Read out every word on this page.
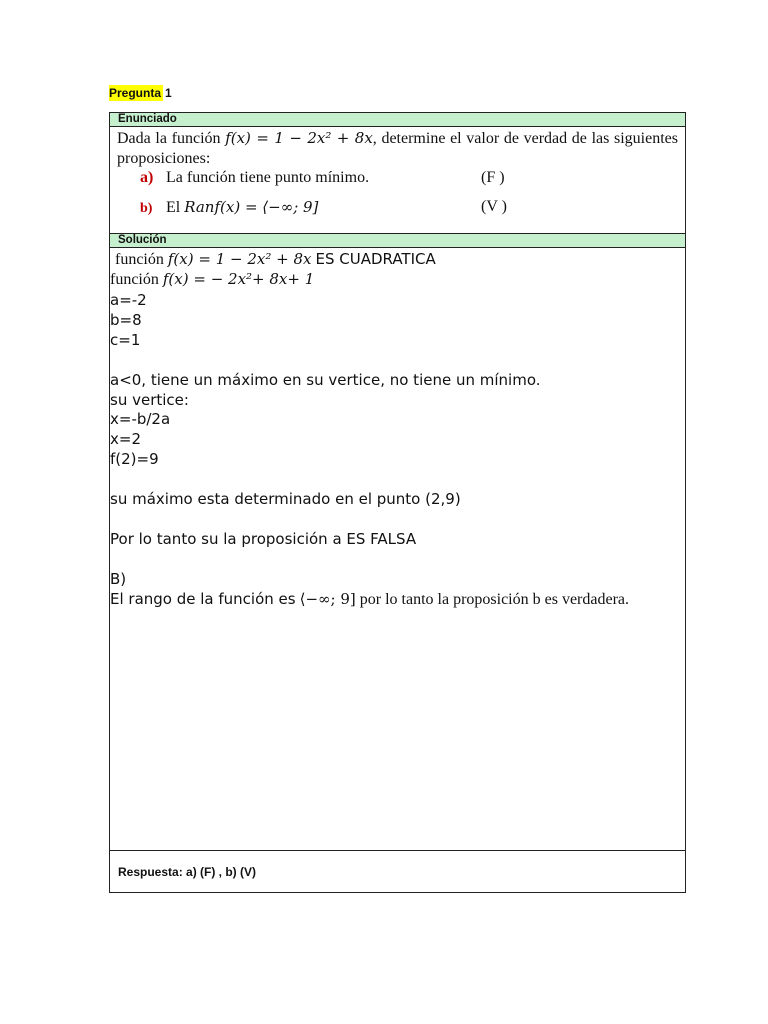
Pregunta 1
Enunciado
Dada la función f(x) = 1 − 2x² + 8x, determine el valor de verdad de las siguientes proposiciones:
a) La función tiene punto mínimo.	(F )
b) El Ranf(x) = ⟨−∞; 9]	(V )
Solución
función f(x) = 1 − 2x² + 8x ES CUADRATICA
función f(x) = − 2x²+ 8x+ 1
a=-2
b=8
c=1
a<0, tiene un máximo en su vertice, no tiene un mínimo.
su vertice:
x=-b/2a
x=2
f(2)=9
su máximo esta determinado en el punto (2,9)
Por lo tanto su la proposición a ES FALSA
B)
El rango de la función es ⟨−∞; 9] por lo tanto la proposición b es verdadera.
Respuesta: a) (F) , b) (V)
